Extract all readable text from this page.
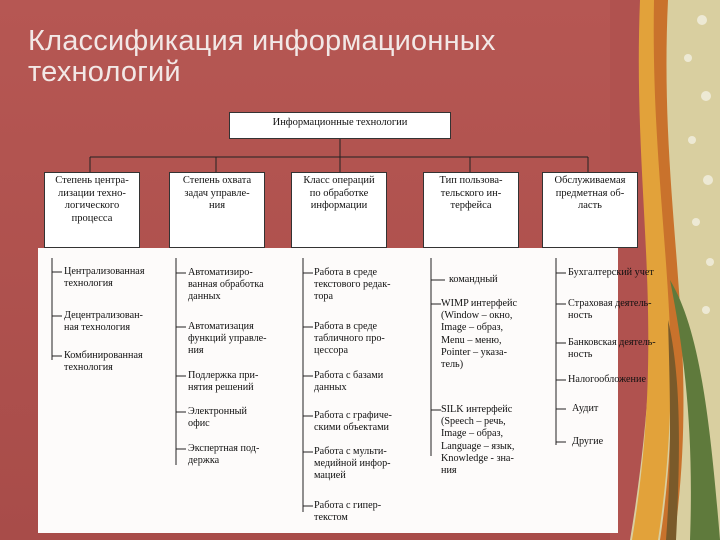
Классификация информационных
технологий
Информационные технологии
Степень центра-
лизации техно-
логического
процесса
Степень охвата
задач управле-
ния
Класс операций
по обработке
информации
Тип пользова-
тельского ин-
терфейса
Обслуживаемая
предметная об-
ласть
Централизованная
технология
Децентрализован-
ная технология
Комбинированная
технология
Автоматизиро-
ванная обработка
данных
Автоматизация
функций управле-
ния
Подлержка при-
нятия решений
Электронный
офис
Экспертная под-
держка
Работа в среде
текстового редак-
тора
Работа в среде
табличного про-
цессора
Работа с базами
данных
Работа с графиче-
скими объектами
Работа с мульти-
медийной инфор-
мацией
Работа с гипер-
текстом
командный
WIMP интерфейс
(Window – окно,
Image – образ,
Menu – меню,
Pointer – указа-
тель)
SILK интерфейс
(Speech – речь,
Image – образ,
Language – язык,
Knowledge - зна-
ния
Бухгалтерский учет
Страховая деятель-
ность
Банковская деятель-
ность
Налогообложение
Аудит
Другие
